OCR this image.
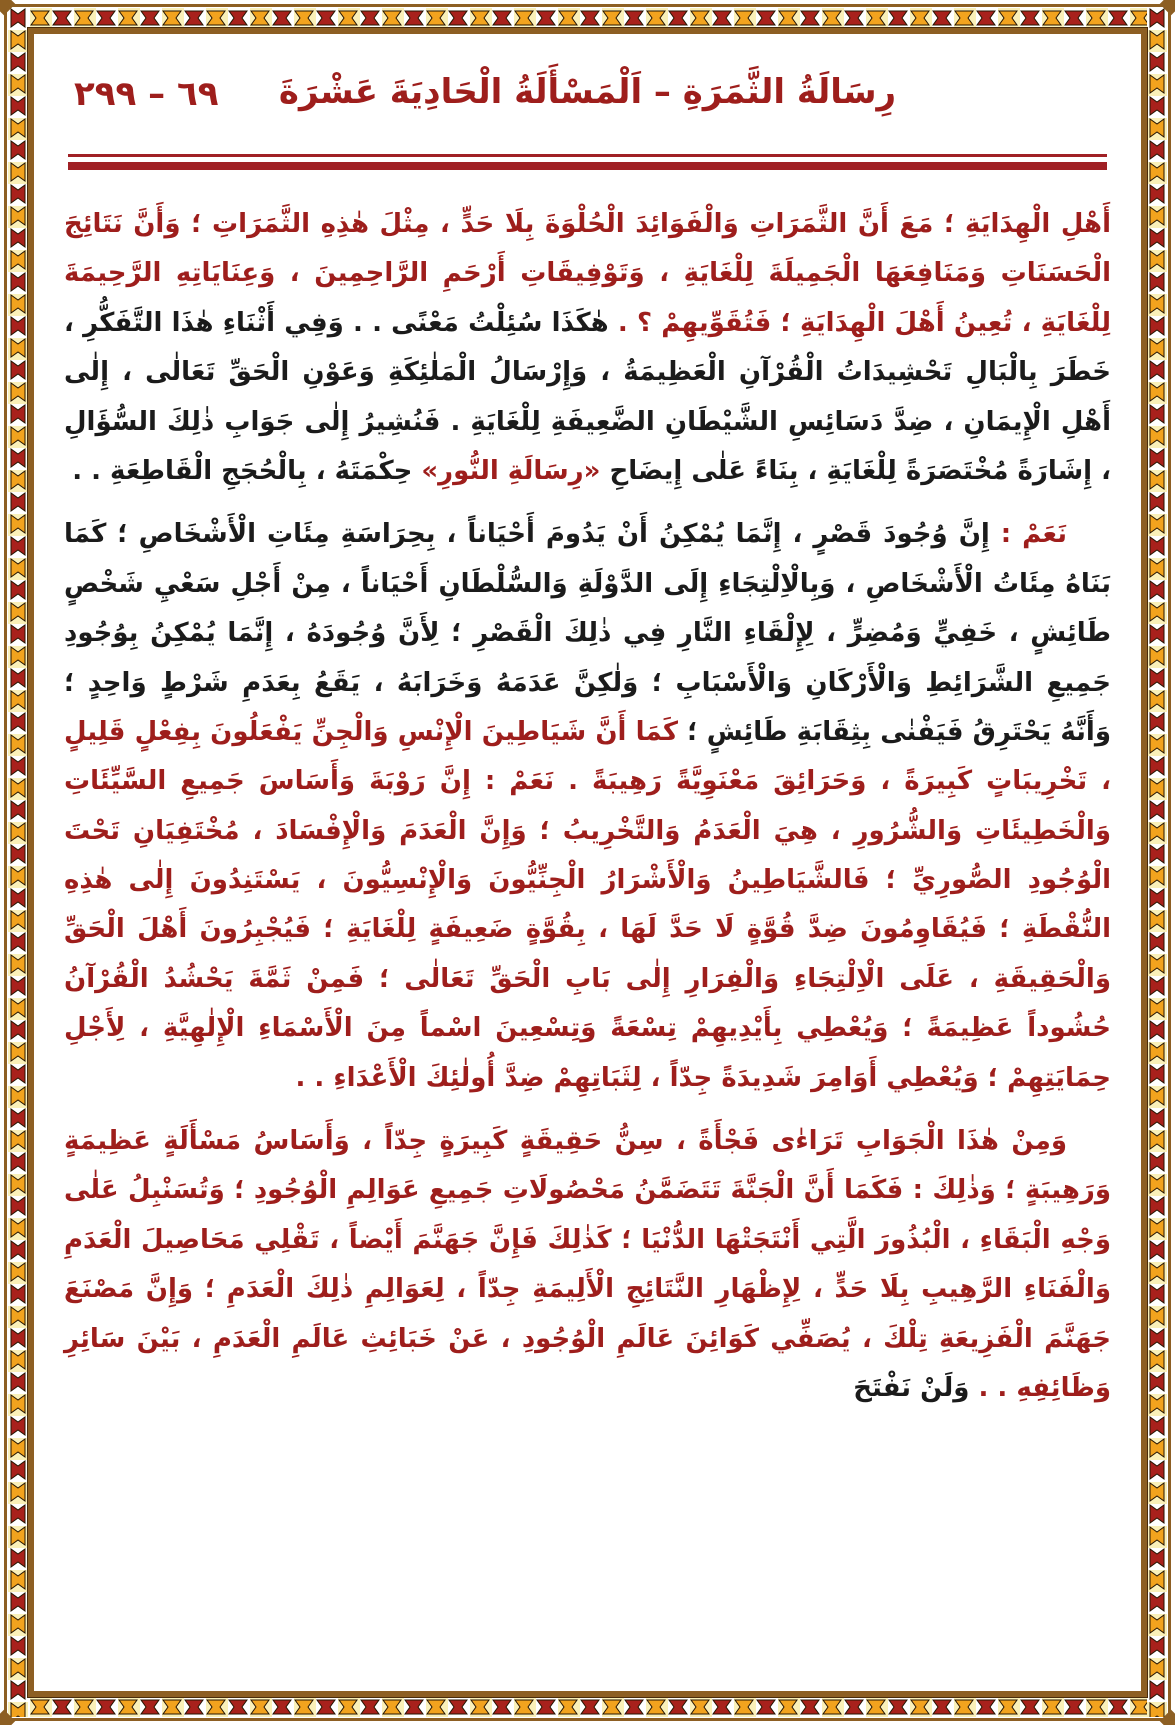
رِسَالَةُ الثَّمَرَةِ – اَلْمَسْأَلَةُ الْحَادِيَةَ عَشْرَةَ
٦٩ – ٢٩٩

أَهْلِ الْهِدَايَةِ ؛ مَعَ أَنَّ الثَّمَرَاتِ وَالْفَوَائِدَ الْحُلْوَةَ بِلَا حَدٍّ ، مِثْلَ هٰذِهِ الثَّمَرَاتِ ؛ وَأَنَّ نَتَائِجَ الْحَسَنَاتِ وَمَنَافِعَهَا الْجَمِيلَةَ لِلْغَايَةِ ، وَتَوْفِيقَاتِ أَرْحَمِ الرَّاحِمِينَ ، وَعِنَايَاتِهِ الرَّحِيمَةَ لِلْغَايَةِ ، تُعِينُ أَهْلَ الْهِدَايَةِ ؛ فَتُقَوِّيهِمْ ؟ . هٰكَذَا سُئِلْتُ مَعْنًى . . وَفِي أَثْنَاءِ هٰذَا التَّفَكُّرِ ، خَطَرَ بِالْبَالِ تَحْشِيدَاتُ الْقُرْآنِ الْعَظِيمَةُ ، وَإِرْسَالُ الْمَلٰئِكَةِ وَعَوْنِ الْحَقِّ تَعَالٰى ، إِلٰى أَهْلِ الْإِيمَانِ ، ضِدَّ دَسَائِسِ الشَّيْطَانِ الضَّعِيفَةِ لِلْغَايَةِ . فَنُشِيرُ إِلٰى جَوَابِ ذٰلِكَ السُّؤَالِ ، إِشَارَةً مُخْتَصَرَةً لِلْغَايَةِ ، بِنَاءً عَلٰى إِيضَاحِ «رِسَالَةِ النُّورِ» حِكْمَتَهُ ، بِالْحُجَجِ الْقَاطِعَةِ . .

نَعَمْ : إِنَّ وُجُودَ قَصْرٍ ، إِنَّمَا يُمْكِنُ أَنْ يَدُومَ أَحْيَاناً ، بِحِرَاسَةِ مِئَاتِ الْأَشْخَاصِ ؛ كَمَا بَنَاهُ مِئَاتُ الْأَشْخَاصِ ، وَبِالْاِلْتِجَاءِ إِلَى الدَّوْلَةِ وَالسُّلْطَانِ أَحْيَاناً ، مِنْ أَجْلِ سَعْيِ شَخْصٍ طَائِشٍ ، خَفِيٍّ وَمُضِرٍّ ، لِإِلْقَاءِ النَّارِ فِي ذٰلِكَ الْقَصْرِ ؛ لِأَنَّ وُجُودَهُ ، إِنَّمَا يُمْكِنُ بِوُجُودِ جَمِيعِ الشَّرَائِطِ وَالْأَرْكَانِ وَالْأَسْبَابِ ؛ وَلٰكِنَّ عَدَمَهُ وَخَرَابَهُ ، يَقَعُ بِعَدَمِ شَرْطٍ وَاحِدٍ ؛ وَأَنَّهُ يَحْتَرِقُ فَيَفْنٰى بِثِقَابَةِ طَائِشٍ ؛ كَمَا أَنَّ شَيَاطِينَ الْإِنْسِ وَالْجِنِّ يَفْعَلُونَ بِفِعْلٍ قَلِيلٍ ، تَخْرِيبَاتٍ كَبِيرَةً ، وَحَرَائِقَ مَعْنَوِيَّةً رَهِيبَةً . نَعَمْ : إِنَّ رَوْبَةَ وَأَسَاسَ جَمِيعِ السَّيِّئَاتِ وَالْخَطِيئَاتِ وَالشُّرُورِ ، هِيَ الْعَدَمُ وَالتَّخْرِيبُ ؛ وَإِنَّ الْعَدَمَ وَالْإِفْسَادَ ، مُخْتَفِيَانِ تَحْتَ الْوُجُودِ الصُّورِيِّ ؛ فَالشَّيَاطِينُ وَالْأَشْرَارُ الْجِنِّيُّونَ وَالْإِنْسِيُّونَ ، يَسْتَنِدُونَ إِلٰى هٰذِهِ النُّقْطَةِ ؛ فَيُقَاوِمُونَ ضِدَّ قُوَّةٍ لَا حَدَّ لَهَا ، بِقُوَّةٍ ضَعِيفَةٍ لِلْغَايَةِ ؛ فَيُجْبِرُونَ أَهْلَ الْحَقِّ وَالْحَقِيقَةِ ، عَلَى الْاِلْتِجَاءِ وَالْفِرَارِ إِلٰى بَابِ الْحَقِّ تَعَالٰى ؛ فَمِنْ ثَمَّةَ يَحْشُدُ الْقُرْآنُ حُشُوداً عَظِيمَةً ؛ وَيُعْطِي بِأَيْدِيهِمْ تِسْعَةً وَتِسْعِينَ اسْماً مِنَ الْأَسْمَاءِ الْإِلٰهِيَّةِ ، لِأَجْلِ حِمَايَتِهِمْ ؛ وَيُعْطِي أَوَامِرَ شَدِيدَةً جِدّاً ، لِثَبَاتِهِمْ ضِدَّ أُولٰئِكَ الْأَعْدَاءِ . .

وَمِنْ هٰذَا الْجَوَابِ تَرَاءٰى فَجْأَةً ، سِنُّ حَقِيقَةٍ كَبِيرَةٍ جِدّاً ، وَأَسَاسُ مَسْأَلَةٍ عَظِيمَةٍ وَرَهِيبَةٍ ؛ وَذٰلِكَ : فَكَمَا أَنَّ الْجَنَّةَ تَتَضَمَّنُ مَحْصُولَاتِ جَمِيعِ عَوَالِمِ الْوُجُودِ ؛ وَتُسَنْبِلُ عَلٰى وَجْهِ الْبَقَاءِ ، الْبُذُورَ الَّتِي أَنْتَجَتْهَا الدُّنْيَا ؛ كَذٰلِكَ فَإِنَّ جَهَنَّمَ أَيْضاً ، تَقْلِي مَحَاصِيلَ الْعَدَمِ وَالْفَنَاءِ الرَّهِيبِ بِلَا حَدٍّ ، لِإِظْهَارِ النَّتَائِجِ الْأَلِيمَةِ جِدّاً ، لِعَوَالِمِ ذٰلِكَ الْعَدَمِ ؛ وَإِنَّ مَصْنَعَ جَهَنَّمَ الْفَزِيعَةِ تِلْكَ ، يُصَفِّي كَوَائِنَ عَالَمِ الْوُجُودِ ، عَنْ خَبَائِثِ عَالَمِ الْعَدَمِ ، بَيْنَ سَائِرِ وَظَائِفِهِ . . وَلَنْ نَفْتَحَ
